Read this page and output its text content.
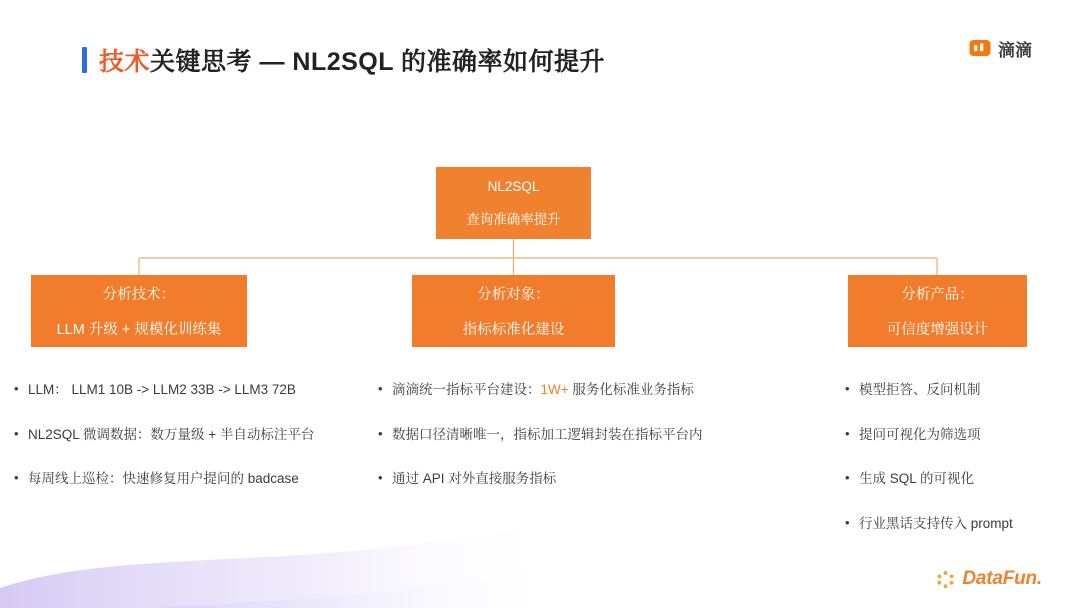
技术关键思考 — NL2SQL 的准确率如何提升	滴滴
NL2SQL
查询准确率提升
分析技术：
LLM 升级 + 规模化训练集
分析对象：
指标标准化建设
分析产品：
可信度增强设计
• LLM： LLM1 10B -> LLM2 33B -> LLM3 72B
• NL2SQL 微调数据：数万量级 + 半自动标注平台
• 每周线上巡检：快速修复用户提问的 badcase
• 滴滴统一指标平台建设：1W+ 服务化标准业务指标
• 数据口径清晰唯一，指标加工逻辑封装在指标平台内
• 通过 API 对外直接服务指标
• 模型拒答、反问机制
• 提问可视化为筛选项
• 生成 SQL 的可视化
• 行业黑话支持传入 prompt
DataFun.
